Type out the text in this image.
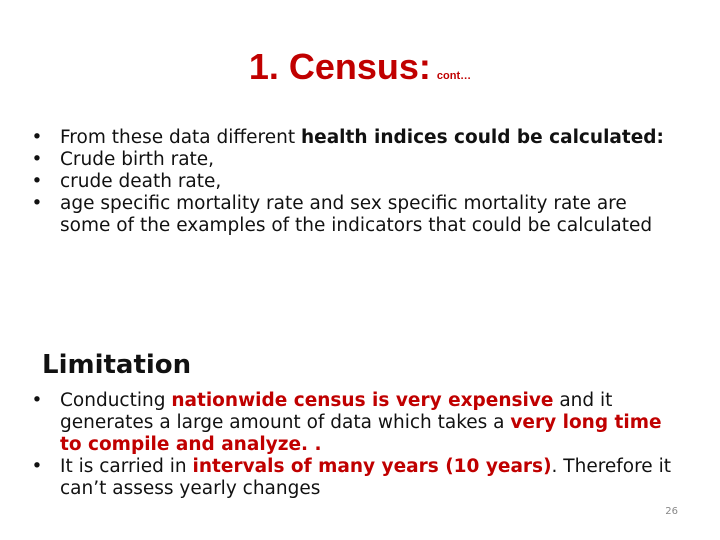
1. Census: cont…
• From these data different health indices could be calculated:
• Crude birth rate,
• crude death rate,
• age specific mortality rate and sex specific mortality rate are some of the examples of the indicators that could be calculated
Limitation
• Conducting nationwide census is very expensive and it generates a large amount of data which takes a very long time to compile and analyze. .
• It is carried in intervals of many years (10 years). Therefore it can’t assess yearly changes
26
